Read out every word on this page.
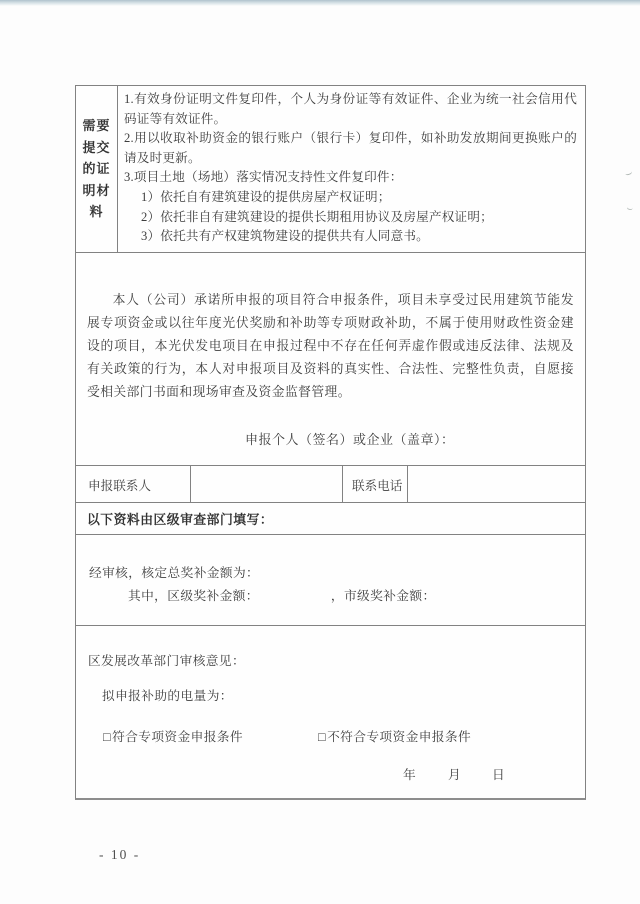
需要提交的证明材料
1.有效身份证明文件复印件，个人为身份证等有效证件、企业为统一社会信用代码证等有效证件。
2.用以收取补助资金的银行账户（银行卡）复印件，如补助发放期间更换账户的请及时更新。
3.项目土地（场地）落实情况支持性文件复印件：
1）依托自有建筑建设的提供房屋产权证明；
2）依托非自有建筑建设的提供长期租用协议及房屋产权证明；
3）依托共有产权建筑物建设的提供共有人同意书。
本人（公司）承诺所申报的项目符合申报条件，项目未享受过民用建筑节能发展专项资金或以往年度光伏奖励和补助等专项财政补助，不属于使用财政性资金建设的项目，本光伏发电项目在申报过程中不存在任何弄虚作假或违反法律、法规及有关政策的行为，本人对申报项目及资料的真实性、合法性、完整性负责，自愿接受相关部门书面和现场审查及资金监督管理。
申报个人（签名）或企业（盖章）：
申报联系人	联系电话
以下资料由区级审查部门填写：
经审核，核定总奖补金额为：
其中，区级奖补金额：	，市级奖补金额：
区发展改革部门审核意见：
拟申报补助的电量为：
□符合专项资金申报条件	□不符合专项资金申报条件
年	月 日
- 10 -
